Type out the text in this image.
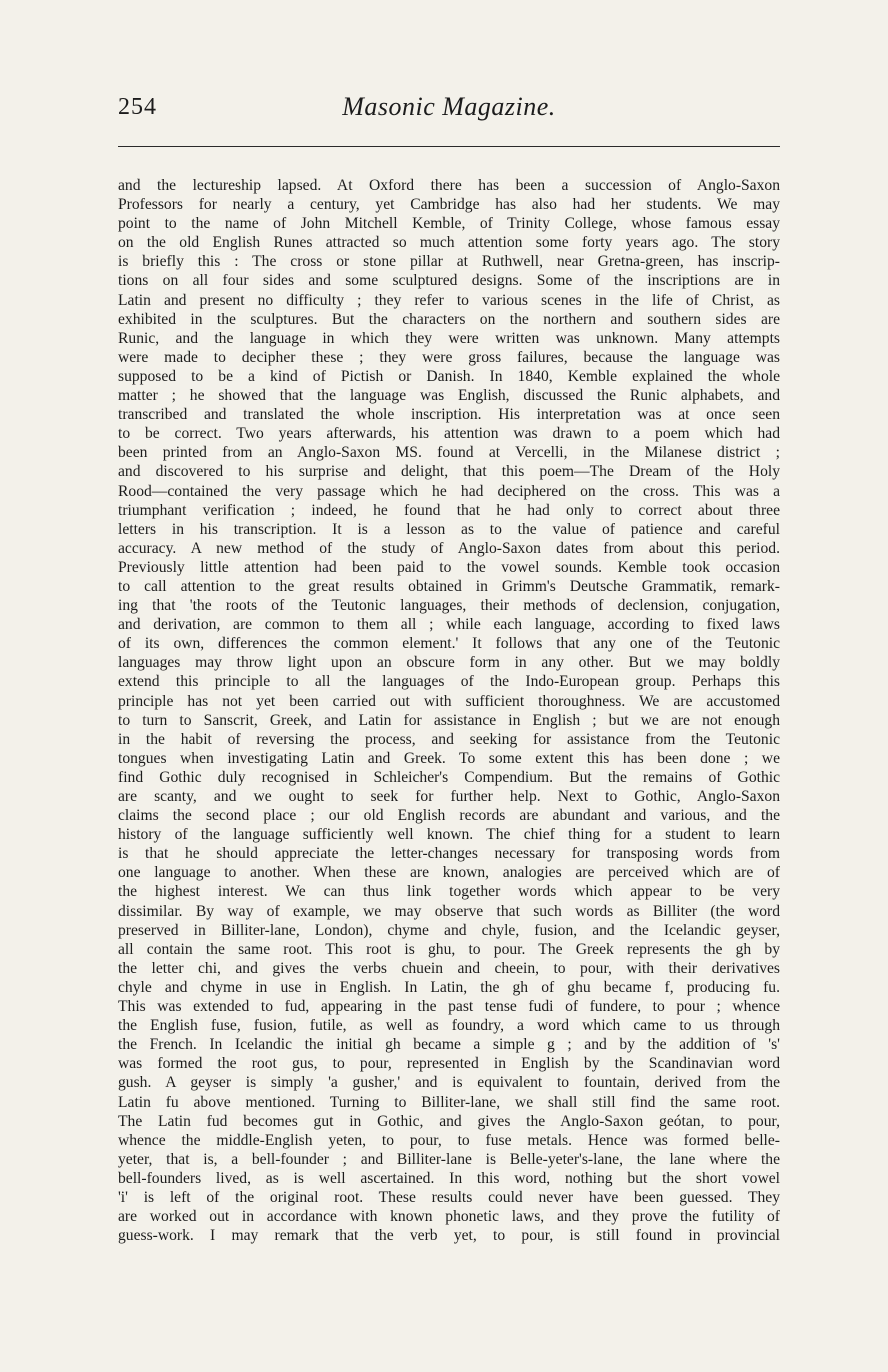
254	Masonic Magazine.
and the lectureship lapsed. At Oxford there has been a succession of Anglo-Saxon
Professors for nearly a century, yet Cambridge has also had her students. We may
point to the name of John Mitchell Kemble, of Trinity College, whose famous essay
on the old English Runes attracted so much attention some forty years ago. The story
is briefly this : The cross or stone pillar at Ruthwell, near Gretna-green, has inscrip-
tions on all four sides and some sculptured designs. Some of the inscriptions are in
Latin and present no difficulty ; they refer to various scenes in the life of Christ, as
exhibited in the sculptures. But the characters on the northern and southern sides are
Runic, and the language in which they were written was unknown. Many attempts
were made to decipher these ; they were gross failures, because the language was
supposed to be a kind of Pictish or Danish. In 1840, Kemble explained the whole
matter ; he showed that the language was English, discussed the Runic alphabets, and
transcribed and translated the whole inscription. His interpretation was at once seen
to be correct. Two years afterwards, his attention was drawn to a poem which had
been printed from an Anglo-Saxon MS. found at Vercelli, in the Milanese district ;
and discovered to his surprise and delight, that this poem—The Dream of the Holy
Rood—contained the very passage which he had deciphered on the cross. This was a
triumphant verification ; indeed, he found that he had only to correct about three
letters in his transcription. It is a lesson as to the value of patience and careful
accuracy. A new method of the study of Anglo-Saxon dates from about this period.
Previously little attention had been paid to the vowel sounds. Kemble took occasion
to call attention to the great results obtained in Grimm's Deutsche Grammatik, remark-
ing that 'the roots of the Teutonic languages, their methods of declension, conjugation,
and derivation, are common to them all ; while each language, according to fixed laws
of its own, differences the common element.' It follows that any one of the Teutonic
languages may throw light upon an obscure form in any other. But we may boldly
extend this principle to all the languages of the Indo-European group. Perhaps this
principle has not yet been carried out with sufficient thoroughness. We are accustomed
to turn to Sanscrit, Greek, and Latin for assistance in English ; but we are not enough
in the habit of reversing the process, and seeking for assistance from the Teutonic
tongues when investigating Latin and Greek. To some extent this has been done ; we
find Gothic duly recognised in Schleicher's Compendium. But the remains of Gothic
are scanty, and we ought to seek for further help. Next to Gothic, Anglo-Saxon
claims the second place ; our old English records are abundant and various, and the
history of the language sufficiently well known. The chief thing for a student to learn
is that he should appreciate the letter-changes necessary for transposing words from
one language to another. When these are known, analogies are perceived which are of
the highest interest. We can thus link together words which appear to be very
dissimilar. By way of example, we may observe that such words as Billiter (the word
preserved in Billiter-lane, London), chyme and chyle, fusion, and the Icelandic geyser,
all contain the same root. This root is ghu, to pour. The Greek represents the gh by
the letter chi, and gives the verbs chuein and cheein, to pour, with their derivatives
chyle and chyme in use in English. In Latin, the gh of ghu became f, producing fu.
This was extended to fud, appearing in the past tense fudi of fundere, to pour ; whence
the English fuse, fusion, futile, as well as foundry, a word which came to us through
the French. In Icelandic the initial gh became a simple g ; and by the addition of 's'
was formed the root gus, to pour, represented in English by the Scandinavian word
gush. A geyser is simply 'a gusher,' and is equivalent to fountain, derived from the
Latin fu above mentioned. Turning to Billiter-lane, we shall still find the same root.
The Latin fud becomes gut in Gothic, and gives the Anglo-Saxon geótan, to pour,
whence the middle-English yeten, to pour, to fuse metals. Hence was formed belle-
yeter, that is, a bell-founder ; and Billiter-lane is Belle-yeter's-lane, the lane where the
bell-founders lived, as is well ascertained. In this word, nothing but the short vowel
'i' is left of the original root. These results could never have been guessed. They
are worked out in accordance with known phonetic laws, and they prove the futility of
guess-work. I may remark that the verb yet, to pour, is still found in provincial
